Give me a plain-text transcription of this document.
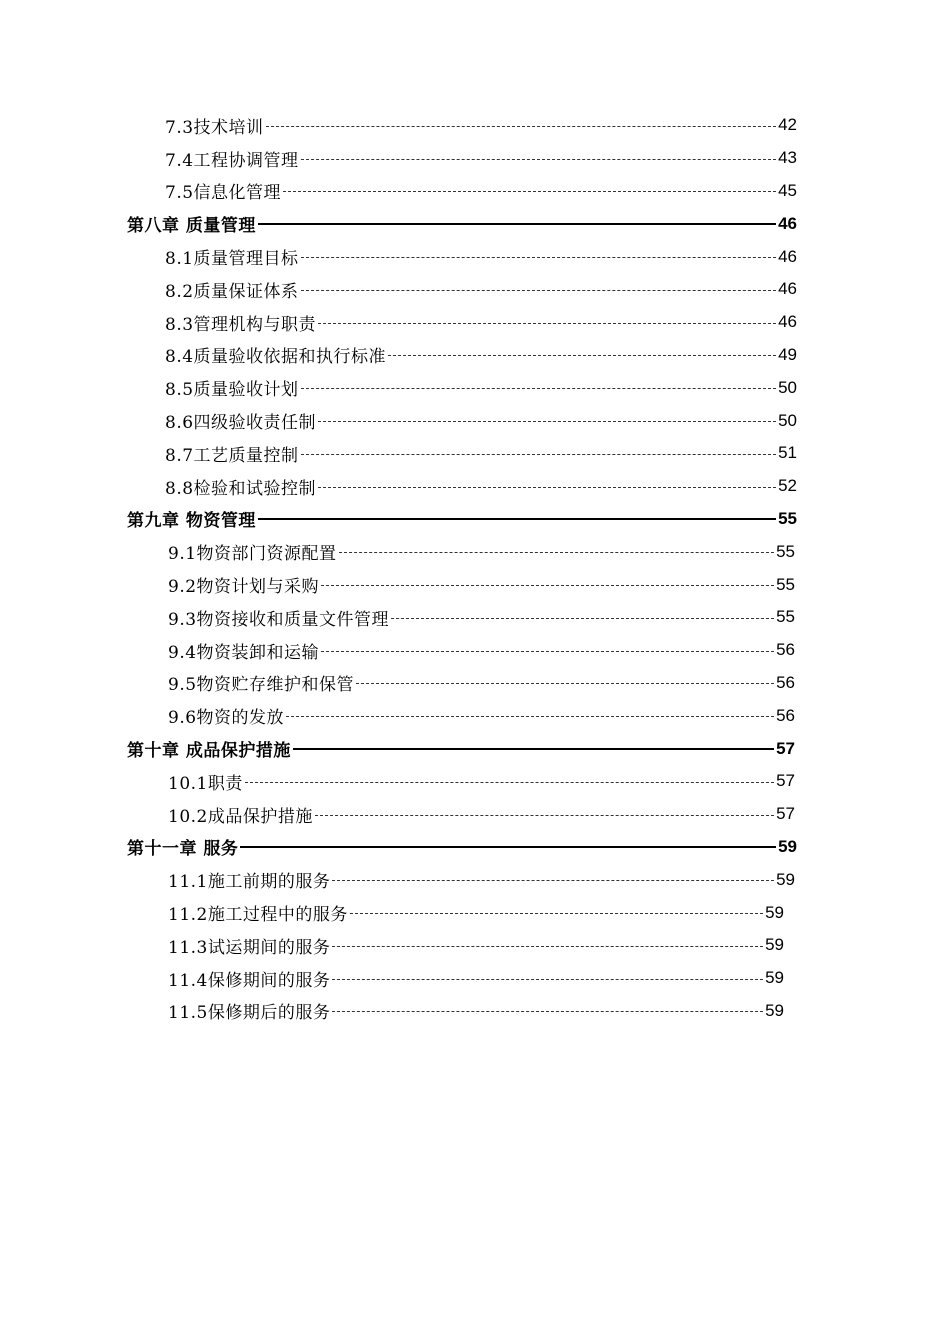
7.3技术培训	42
7.4工程协调管理	43
7.5信息化管理	45
第八章 质量管理	46
8.1质量管理目标	46
8.2质量保证体系	46
8.3管理机构与职责	46
8.4质量验收依据和执行标准	49
8.5质量验收计划	50
8.6四级验收责任制	50
8.7工艺质量控制	51
8.8检验和试验控制	52
第九章 物资管理	55
9.1物资部门资源配置	55
9.2物资计划与采购	55
9.3物资接收和质量文件管理	55
9.4物资装卸和运输	56
9.5物资贮存维护和保管	56
9.6物资的发放	56
第十章 成品保护措施	57
10.1职责	57
10.2成品保护措施	57
第十一章 服务	59
11.1施工前期的服务	59
11.2施工过程中的服务	59
11.3试运期间的服务	59
11.4保修期间的服务	59
11.5保修期后的服务	59
